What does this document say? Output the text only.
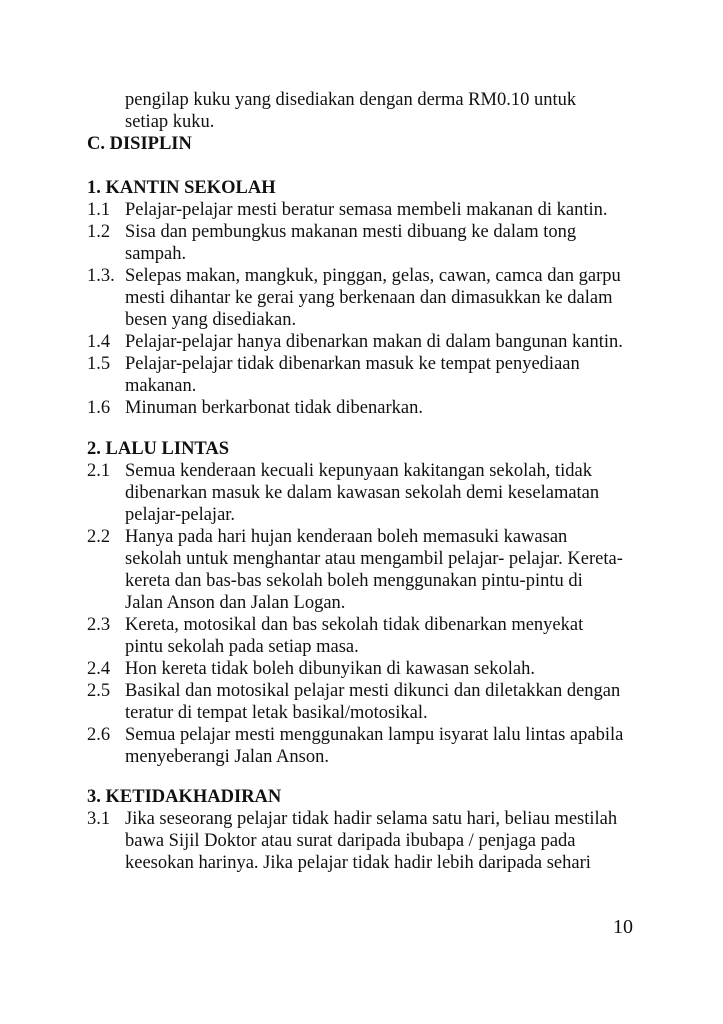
pengilap kuku yang disediakan dengan derma RM0.10 untuk
setiap kuku.
C. DISIPLIN
1. KANTIN SEKOLAH
1.1 Pelajar-pelajar mesti beratur semasa membeli makanan di kantin.
1.2 Sisa dan pembungkus makanan mesti dibuang ke dalam tong
sampah.
1.3. Selepas makan, mangkuk, pinggan, gelas, cawan, camca dan garpu
mesti dihantar ke gerai yang berkenaan dan dimasukkan ke dalam
besen yang disediakan.
1.4 Pelajar-pelajar hanya dibenarkan makan di dalam bangunan kantin.
1.5 Pelajar-pelajar tidak dibenarkan masuk ke tempat penyediaan
makanan.
1.6 Minuman berkarbonat tidak dibenarkan.
2. LALU LINTAS
2.1 Semua kenderaan kecuali kepunyaan kakitangan sekolah, tidak
dibenarkan masuk ke dalam kawasan sekolah demi keselamatan
pelajar-pelajar.
2.2 Hanya pada hari hujan kenderaan boleh memasuki kawasan
sekolah untuk menghantar atau mengambil pelajar- pelajar. Kereta-
kereta dan bas-bas sekolah boleh menggunakan pintu-pintu di
Jalan Anson dan Jalan Logan.
2.3 Kereta, motosikal dan bas sekolah tidak dibenarkan menyekat
pintu sekolah pada setiap masa.
2.4 Hon kereta tidak boleh dibunyikan di kawasan sekolah.
2.5 Basikal dan motosikal pelajar mesti dikunci dan diletakkan dengan
teratur di tempat letak basikal/motosikal.
2.6 Semua pelajar mesti menggunakan lampu isyarat lalu lintas apabila
menyeberangi Jalan Anson.
3. KETIDAKHADIRAN
3.1 Jika seseorang pelajar tidak hadir selama satu hari, beliau mestilah
bawa Sijil Doktor atau surat daripada ibubapa / penjaga pada
keesokan harinya. Jika pelajar tidak hadir lebih daripada sehari
10
